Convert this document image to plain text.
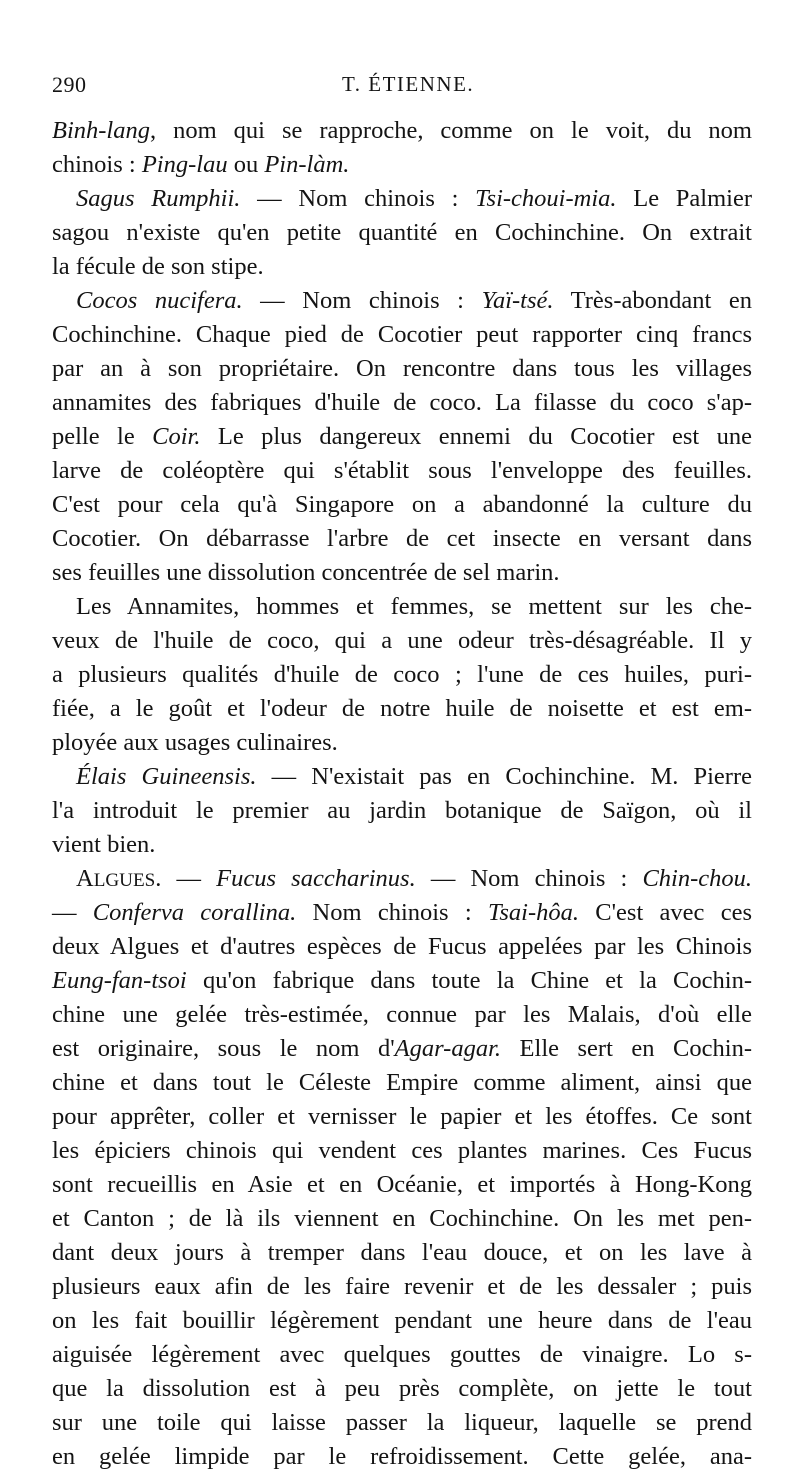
290	T. ÉTIENNE.
Binh-lang, nom qui se rapproche, comme on le voit, du nom
chinois : Ping-lau ou Pin-làm.
Sagus Rumphii. — Nom chinois : Tsi-choui-mia. Le Palmier
sagou n'existe qu'en petite quantité en Cochinchine. On extrait
la fécule de son stipe.
Cocos nucifera. — Nom chinois : Yaï-tsé. Très-abondant en
Cochinchine. Chaque pied de Cocotier peut rapporter cinq francs
par an à son propriétaire. On rencontre dans tous les villages
annamites des fabriques d'huile de coco. La filasse du coco s'ap-
pelle le Coir. Le plus dangereux ennemi du Cocotier est une
larve de coléoptère qui s'établit sous l'enveloppe des feuilles.
C'est pour cela qu'à Singapore on a abandonné la culture du
Cocotier. On débarrasse l'arbre de cet insecte en versant dans
ses feuilles une dissolution concentrée de sel marin.
Les Annamites, hommes et femmes, se mettent sur les che-
veux de l'huile de coco, qui a une odeur très-désagréable. Il y
a plusieurs qualités d'huile de coco ; l'une de ces huiles, puri-
fiée, a le goût et l'odeur de notre huile de noisette et est em-
ployée aux usages culinaires.
Élais Guineensis. — N'existait pas en Cochinchine. M. Pierre
l'a introduit le premier au jardin botanique de Saïgon, où il
vient bien.
ALGUES. — Fucus saccharinus. — Nom chinois : Chin-chou.
— Conferva corallina. Nom chinois : Tsai-hôa. C'est avec ces
deux Algues et d'autres espèces de Fucus appelées par les Chinois
Eung-fan-tsoi qu'on fabrique dans toute la Chine et la Cochin-
chine une gelée très-estimée, connue par les Malais, d'où elle
est originaire, sous le nom d'Agar-agar. Elle sert en Cochin-
chine et dans tout le Céleste Empire comme aliment, ainsi que
pour apprêter, coller et vernisser le papier et les étoffes. Ce sont
les épiciers chinois qui vendent ces plantes marines. Ces Fucus
sont recueillis en Asie et en Océanie, et importés à Hong-Kong
et Canton ; de là ils viennent en Cochinchine. On les met pen-
dant deux jours à tremper dans l'eau douce, et on les lave à
plusieurs eaux afin de les faire revenir et de les dessaler ; puis
on les fait bouillir légèrement pendant une heure dans de l'eau
aiguisée légèrement avec quelques gouttes de vinaigre. Lo s-
que la dissolution est à peu près complète, on jette le tout
sur une toile qui laisse passer la liqueur, laquelle se prend
en gelée limpide par le refroidissement. Cette gelée, ana-
